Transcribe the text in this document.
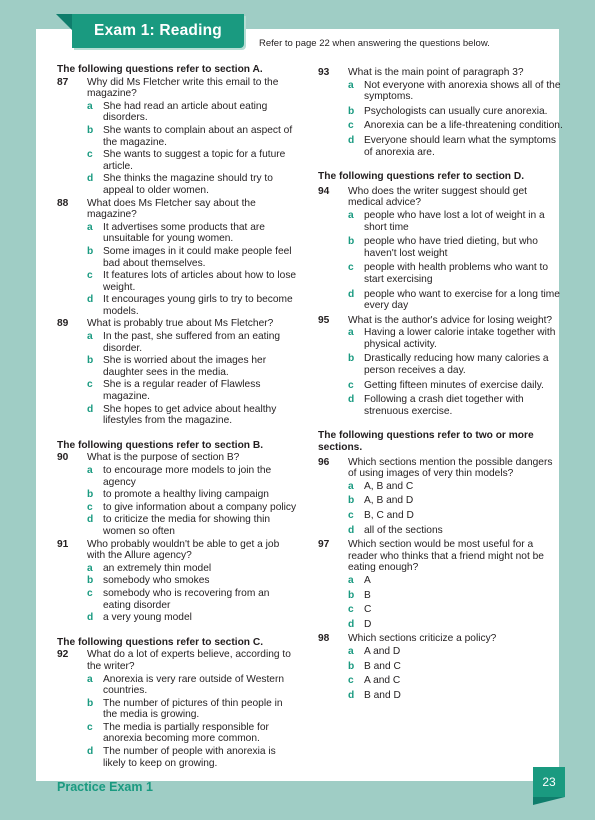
Exam 1: Reading
Refer to page 22 when answering the questions below.
The following questions refer to section A.
87 Why did Ms Fletcher write this email to the magazine?
a She had read an article about eating disorders.
b She wants to complain about an aspect of the magazine.
c She wants to suggest a topic for a future article.
d She thinks the magazine should try to appeal to older women.
88 What does Ms Fletcher say about the magazine?
a It advertises some products that are unsuitable for young women.
b Some images in it could make people feel bad about themselves.
c It features lots of articles about how to lose weight.
d It encourages young girls to try to become models.
89 What is probably true about Ms Fletcher?
a In the past, she suffered from an eating disorder.
b She is worried about the images her daughter sees in the media.
c She is a regular reader of Flawless magazine.
d She hopes to get advice about healthy lifestyles from the magazine.
The following questions refer to section B.
90 What is the purpose of section B?
a to encourage more models to join the agency
b to promote a healthy living campaign
c to give information about a company policy
d to criticize the media for showing thin women so often
91 Who probably wouldn't be able to get a job with the Allure agency?
a an extremely thin model
b somebody who smokes
c somebody who is recovering from an eating disorder
d a very young model
The following questions refer to section C.
92 What do a lot of experts believe, according to the writer?
a Anorexia is very rare outside of Western countries.
b The number of pictures of thin people in the media is growing.
c The media is partially responsible for anorexia becoming more common.
d The number of people with anorexia is likely to keep on growing.
93 What is the main point of paragraph 3?
a Not everyone with anorexia shows all of the symptoms.
b Psychologists can usually cure anorexia.
c Anorexia can be a life-threatening condition.
d Everyone should learn what the symptoms of anorexia are.
The following questions refer to section D.
94 Who does the writer suggest should get medical advice?
a people who have lost a lot of weight in a short time
b people who have tried dieting, but who haven't lost weight
c people with health problems who want to start exercising
d people who want to exercise for a long time every day
95 What is the author's advice for losing weight?
a Having a lower calorie intake together with physical activity.
b Drastically reducing how many calories a person receives a day.
c Getting fifteen minutes of exercise daily.
d Following a crash diet together with strenuous exercise.
The following questions refer to two or more sections.
96 Which sections mention the possible dangers of using images of very thin models?
a A, B and C
b A, B and D
c B, C and D
d all of the sections
97 Which section would be most useful for a reader who thinks that a friend might not be eating enough?
a A
b B
c C
d D
98 Which sections criticize a policy?
a A and D
b B and C
c A and C
d B and D
Practice Exam 1	23
